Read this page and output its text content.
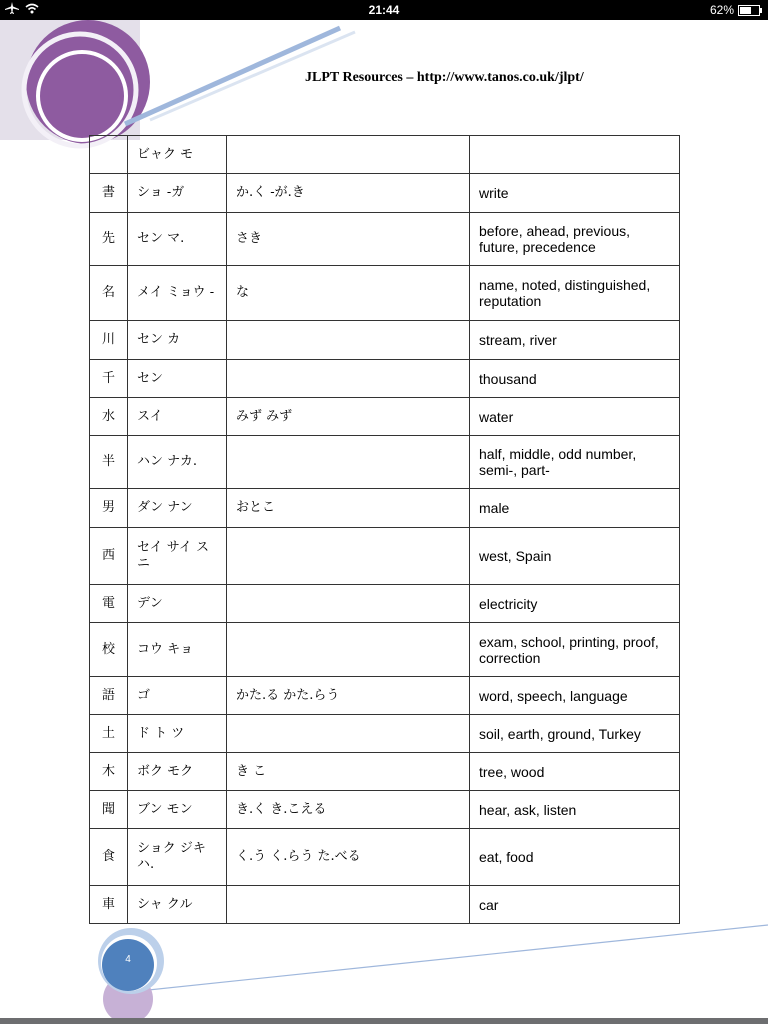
21:44	62%
JLPT Resources – http://www.tanos.co.uk/jlpt/
	ビャク モ		
書	ショ -ガ	か.く -が.き	write
先	セン マ.	さき	before, ahead, previous, future, precedence
名	メイ ミョウ -	な	name, noted, distinguished, reputation
川	セン カ		stream, river
千	セン		thousand
水	スイ	みず みず	water
半	ハン ナカ.		half, middle, odd number, semi-, part-
男	ダン ナン	おとこ	male
西	セイ サイ スニ		west, Spain
電	デン		electricity
校	コウ キョ		exam, school, printing, proof, correction
語	ゴ	かた.る かた.らう	word, speech, language
土	ド ト ツ		soil, earth, ground, Turkey
木	ボク モク	き こ	tree, wood
聞	ブン モン	き.く き.こえる	hear, ask, listen
食	ショク ジキ ハ.	く.う く.らう た.べる	eat, food
車	シャ クル		car
4
